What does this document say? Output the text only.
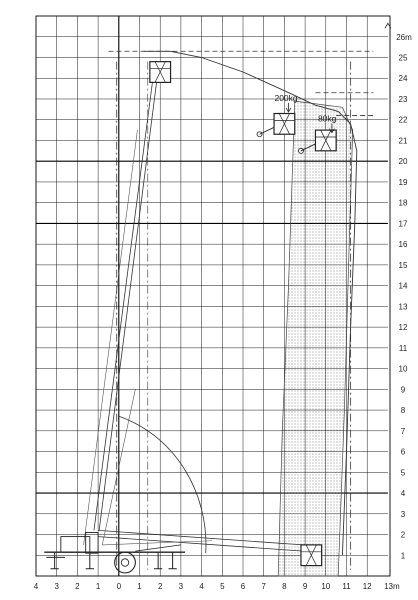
200kg
80kg
4 3 2 1 0 1 2 3 4 5 6 7 8 9 10 11 12 13m
1
2
3
4
5
6
7
8
9
10
11
12
13
14
15
16
17
18
19
20
21
22
23
24
25
26m
